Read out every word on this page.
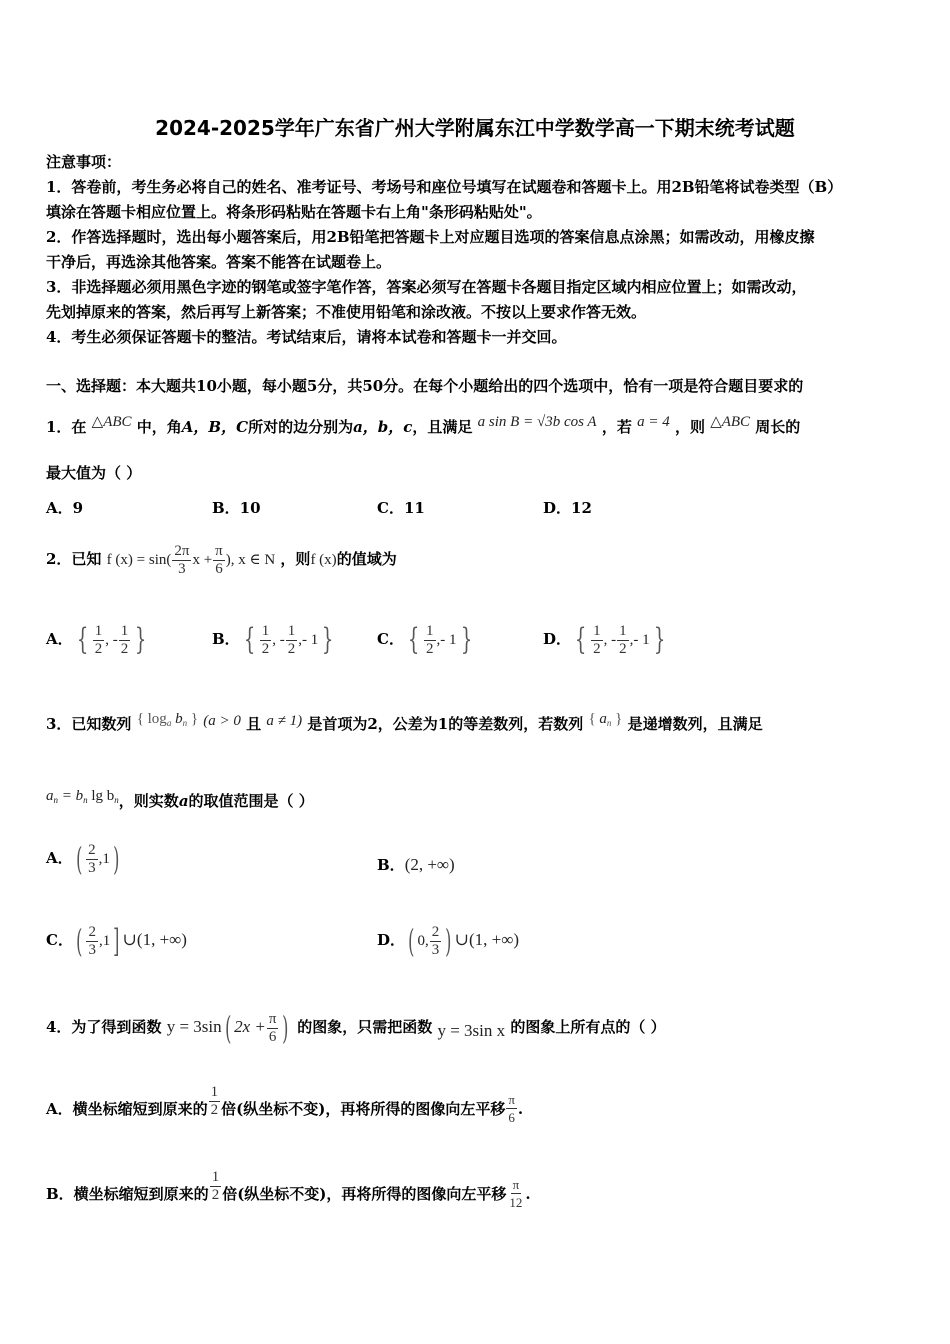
2024-2025学年广东省广州大学附属东江中学数学高一下期末统考试题
注意事项：
1．答卷前，考生务必将自己的姓名、准考证号、考场号和座位号填写在试题卷和答题卡上。用2B铅笔将试卷类型（B）
填涂在答题卡相应位置上。将条形码粘贴在答题卡右上角"条形码粘贴处"。
2．作答选择题时，选出每小题答案后，用2B铅笔把答题卡上对应题目选项的答案信息点涂黑；如需改动，用橡皮擦
干净后，再选涂其他答案。答案不能答在试题卷上。
3．非选择题必须用黑色字迹的钢笔或签字笔作答，答案必须写在答题卡各题目指定区域内相应位置上；如需改动，
先划掉原来的答案，然后再写上新答案；不准使用铅笔和涂改液。不按以上要求作答无效。
4．考生必须保证答题卡的整洁。考试结束后，请将本试卷和答题卡一并交回。
一、选择题：本大题共10小题，每小题5分，共50分。在每个小题给出的四个选项中，恰有一项是符合题目要求的
1．在 △ABC 中，角A，B，C所对的边分别为a，b，c，且满足 a sin B = √3b cos A ，若 a = 4 ，则 △ABC 周长的
最大值为（ ）
A．9	B．10	C．11	D．12
2．已知 f $(x) = \sin( \frac{2\pi}{3}$ $x + \frac{\pi}{6}$ ), x ∈ N ，则f (x)的值域为
A． { $\frac{1}{2}$ , - $\frac{1}{2}$ }	B． { $\frac{1}{2}$ , - $\frac{1}{2}$ ,- 1 }	C． { $\frac{1}{2}$ ,- 1 }	D． { $\frac{1}{2}$ , - $\frac{1}{2}$ ,- 1 }
3．已知数列 { $\log_a b_n$ } (a > 0 且 a ≠ 1) 是首项为2，公差为1的等差数列，若数列 { $a_n$ } 是递增数列，且满足
$a_n = b_n$ $\lg b_n$，则实数a的取值范围是（ ）
A．( $\frac{2}{3} ,1$)	B．(2, +∞)
C．( $\frac{2}{3} ,1$] ∪(1, +∞)	D．( 0, $\frac{2}{3}$ ) ∪(1, +∞)
4．为了得到函数 y = 3sin( $2x + \frac{\pi}{6}$ ) 的图象，只需把函数 y = 3sin x 的图象上所有点的（ ）
A．横坐标缩短到原来的 $\frac{1}{2}$ 倍(纵坐标不变)，再将所得的图像向左平移 $\frac{\pi}{6}$ .
B．横坐标缩短到原来的 $\frac{1}{2}$ 倍(纵坐标不变)，再将所得的图像向左平移 $\frac{\pi}{12}$ .
